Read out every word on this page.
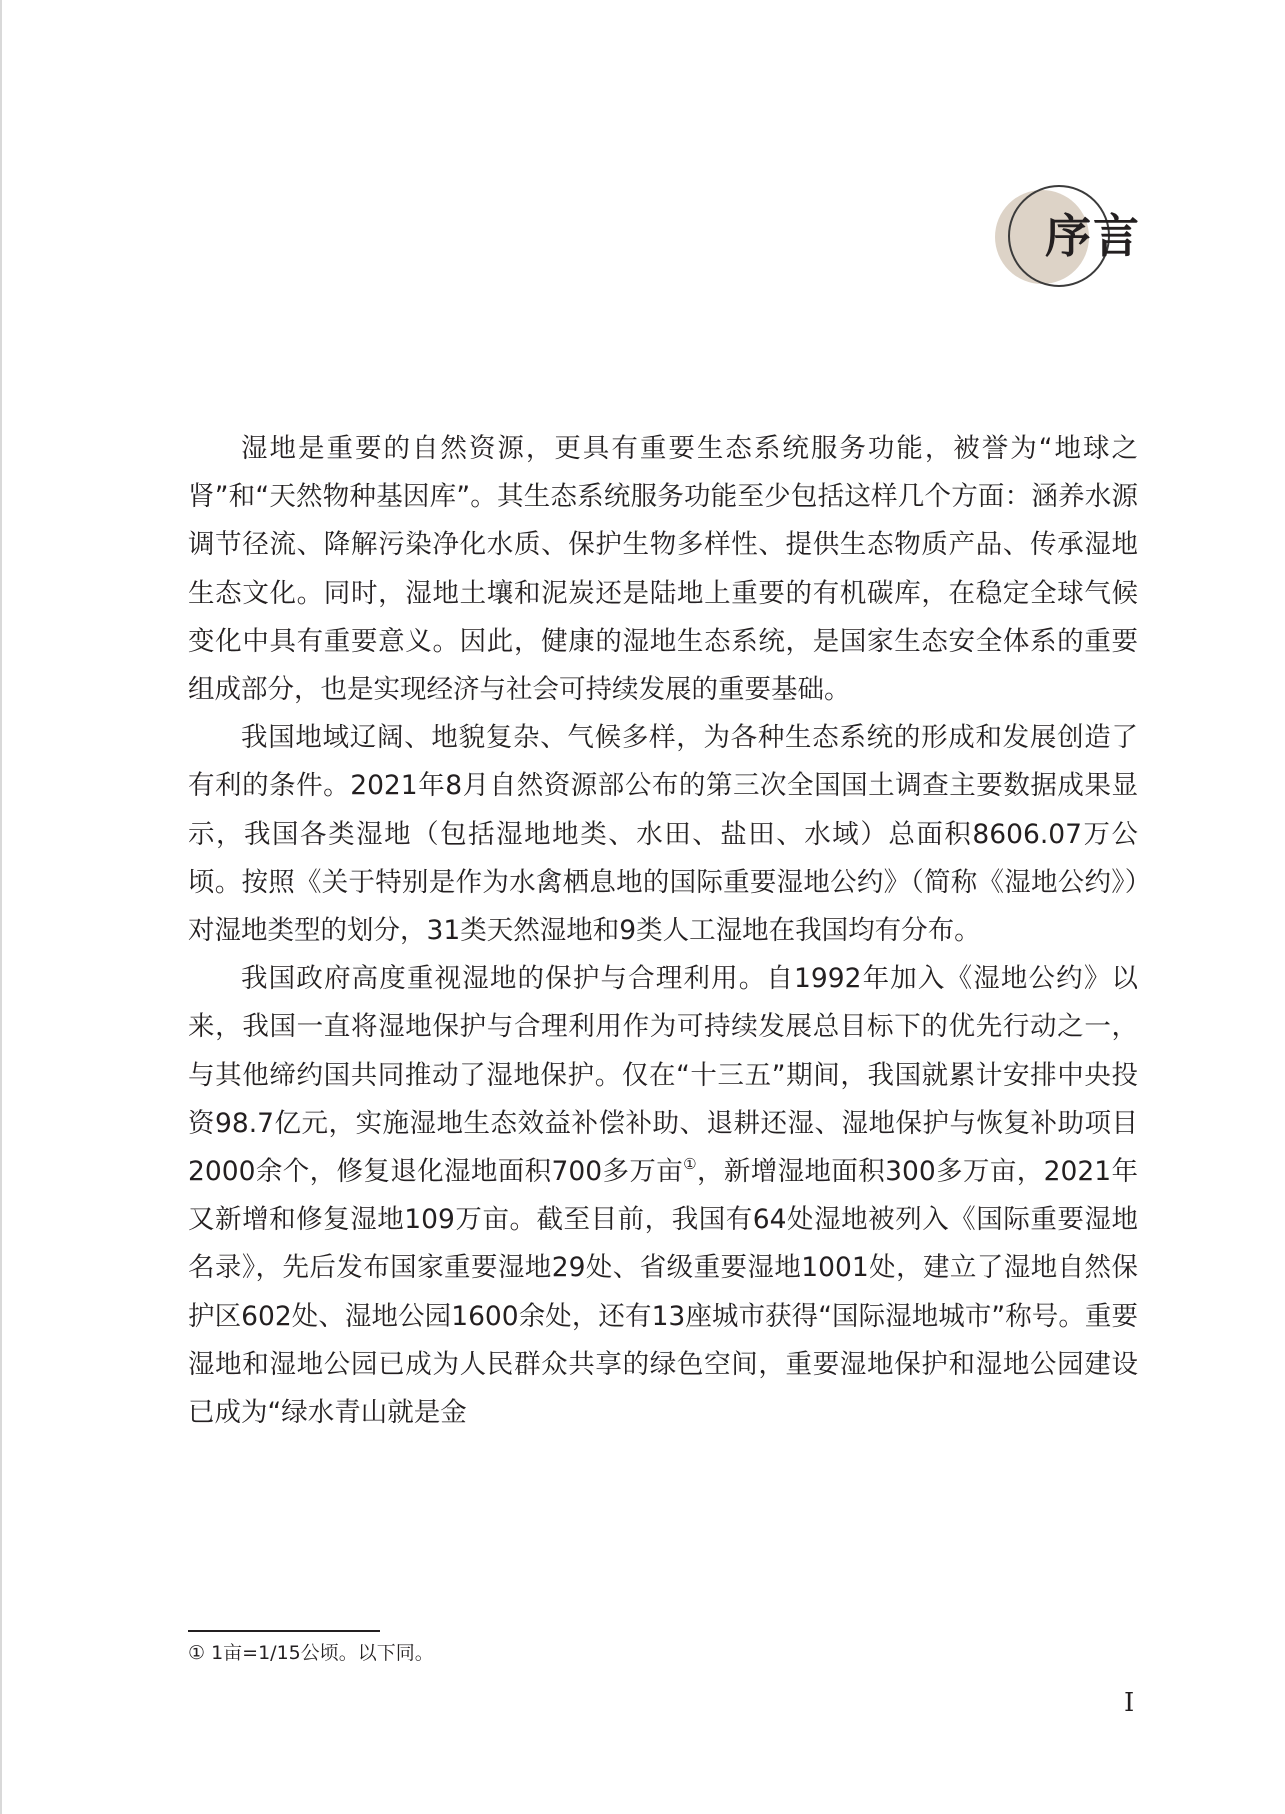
序言

湿地是重要的自然资源，更具有重要生态系统服务功能，被誉为“地球之肾”和“天然物种基因库”。其生态系统服务功能至少包括这样几个方面：涵养水源调节径流、降解污染净化水质、保护生物多样性、提供生态物质产品、传承湿地生态文化。同时，湿地土壤和泥炭还是陆地上重要的有机碳库，在稳定全球气候变化中具有重要意义。因此，健康的湿地生态系统，是国家生态安全体系的重要组成部分，也是实现经济与社会可持续发展的重要基础。

我国地域辽阔、地貌复杂、气候多样，为各种生态系统的形成和发展创造了有利的条件。2021年8月自然资源部公布的第三次全国国土调查主要数据成果显示，我国各类湿地（包括湿地地类、水田、盐田、水域）总面积8606.07万公顷。按照《关于特别是作为水禽栖息地的国际重要湿地公约》（简称《湿地公约》）对湿地类型的划分，31类天然湿地和9类人工湿地在我国均有分布。

我国政府高度重视湿地的保护与合理利用。自1992年加入《湿地公约》以来，我国一直将湿地保护与合理利用作为可持续发展总目标下的优先行动之一，与其他缔约国共同推动了湿地保护。仅在“十三五”期间，我国就累计安排中央投资98.7亿元，实施湿地生态效益补偿补助、退耕还湿、湿地保护与恢复补助项目2000余个，修复退化湿地面积700多万亩①，新增湿地面积300多万亩，2021年又新增和修复湿地109万亩。截至目前，我国有64处湿地被列入《国际重要湿地名录》，先后发布国家重要湿地29处、省级重要湿地1001处，建立了湿地自然保护区602处、湿地公园1600余处，还有13座城市获得“国际湿地城市”称号。重要湿地和湿地公园已成为人民群众共享的绿色空间，重要湿地保护和湿地公园建设已成为“绿水青山就是金

① 1亩=1/15公顷。以下同。
I
